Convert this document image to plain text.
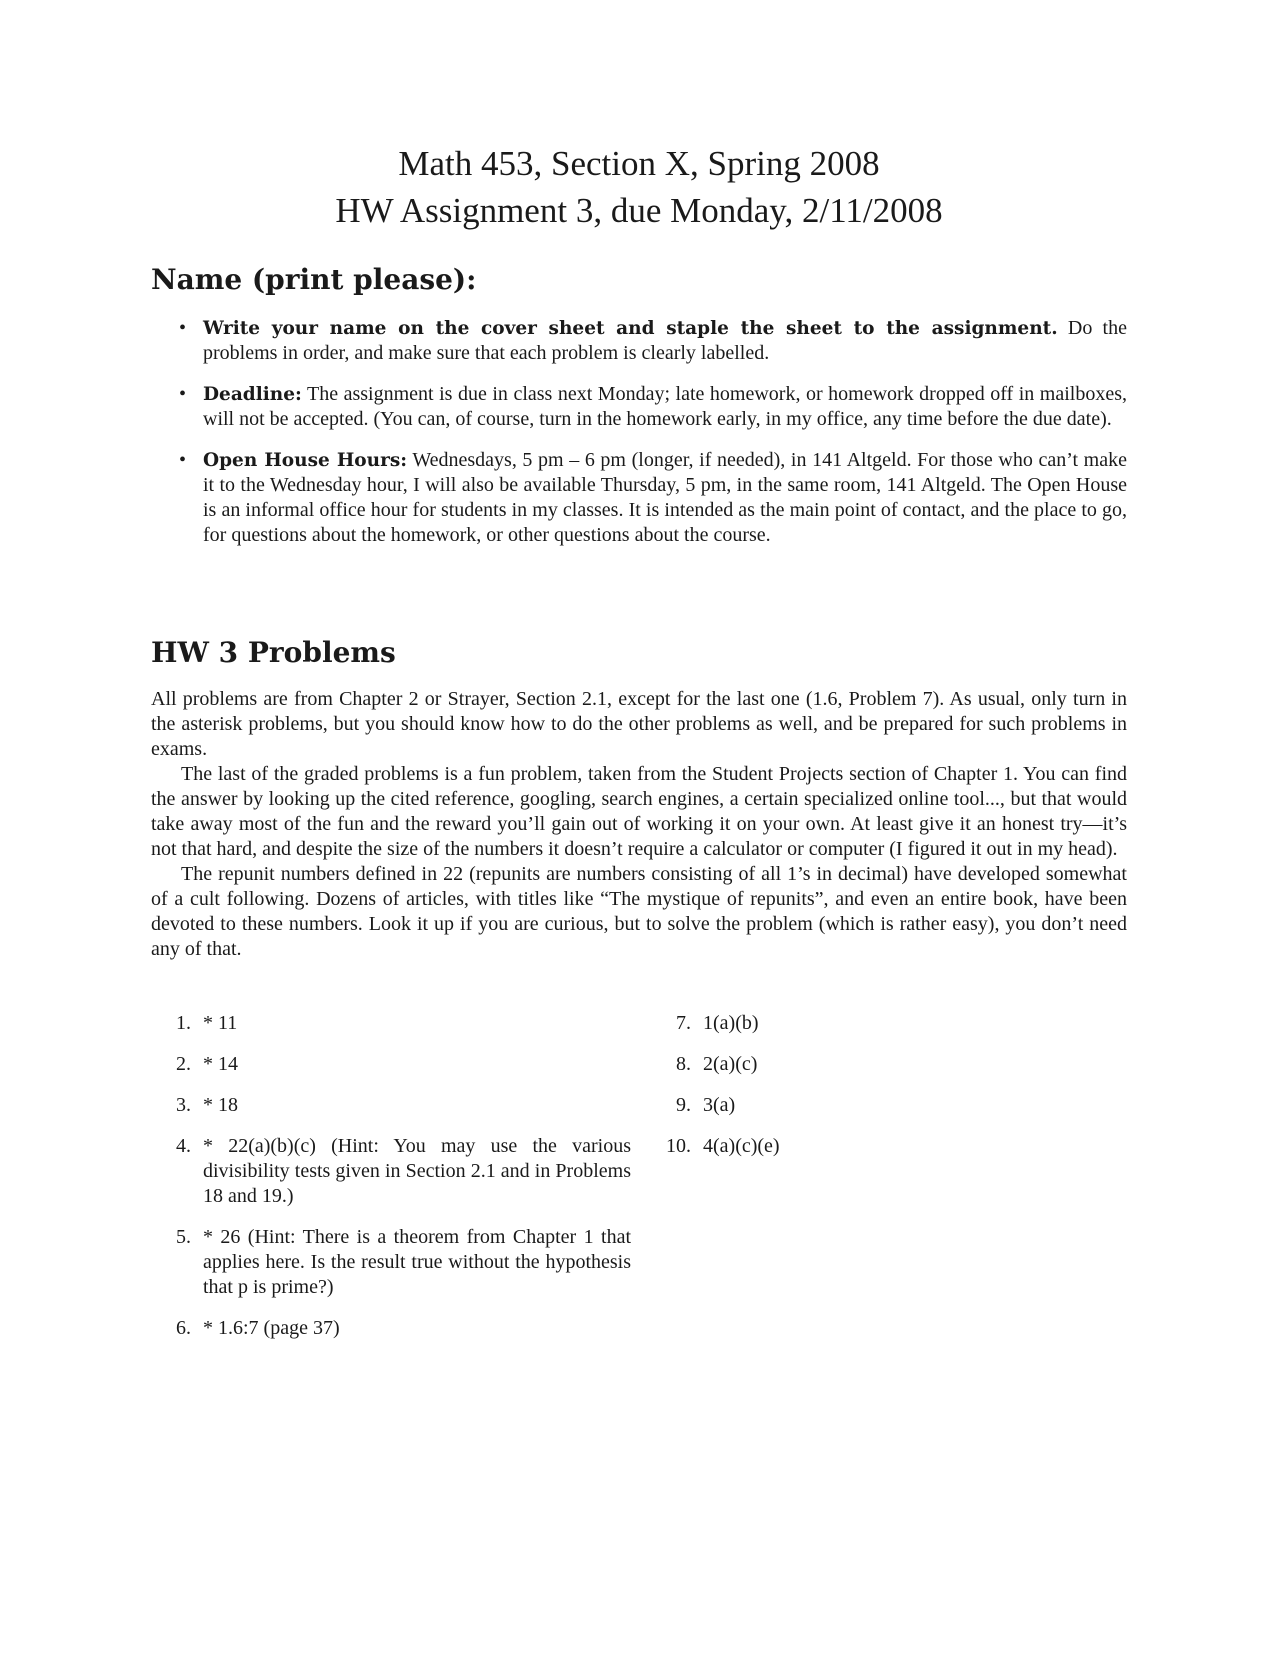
Math 453, Section X, Spring 2008
HW Assignment 3, due Monday, 2/11/2008
Name (print please):
• Write your name on the cover sheet and staple the sheet to the assignment. Do the problems in order, and make sure that each problem is clearly labelled.
• Deadline: The assignment is due in class next Monday; late homework, or homework dropped off in mailboxes, will not be accepted. (You can, of course, turn in the homework early, in my office, any time before the due date).
• Open House Hours: Wednesdays, 5 pm – 6 pm (longer, if needed), in 141 Altgeld. For those who can’t make it to the Wednesday hour, I will also be available Thursday, 5 pm, in the same room, 141 Altgeld. The Open House is an informal office hour for students in my classes. It is intended as the main point of contact, and the place to go, for questions about the homework, or other questions about the course.
HW 3 Problems

All problems are from Chapter 2 or Strayer, Section 2.1, except for the last one (1.6, Problem 7). As usual, only turn in the asterisk problems, but you should know how to do the other problems as well, and be prepared for such problems in exams.

The last of the graded problems is a fun problem, taken from the Student Projects section of Chapter 1. You can find the answer by looking up the cited reference, googling, search engines, a certain specialized online tool..., but that would take away most of the fun and the reward you’ll gain out of working it on your own. At least give it an honest try—it’s not that hard, and despite the size of the numbers it doesn’t require a calculator or computer (I figured it out in my head).

The repunit numbers defined in 22 (repunits are numbers consisting of all 1’s in decimal) have developed somewhat of a cult following. Dozens of articles, with titles like “The mystique of repunits”, and even an entire book, have been devoted to these numbers. Look it up if you are curious, but to solve the problem (which is rather easy), you don’t need any of that.

1. * 11
2. * 14
3. * 18
4. * 22(a)(b)(c) (Hint: You may use the various divisibility tests given in Section 2.1 and in Problems 18 and 19.)
5. * 26 (Hint: There is a theorem from Chapter 1 that applies here. Is the result true without the hypothesis that p is prime?)
6. * 1.6:7 (page 37)
7. 1(a)(b)
8. 2(a)(c)
9. 3(a)
10. 4(a)(c)(e)
